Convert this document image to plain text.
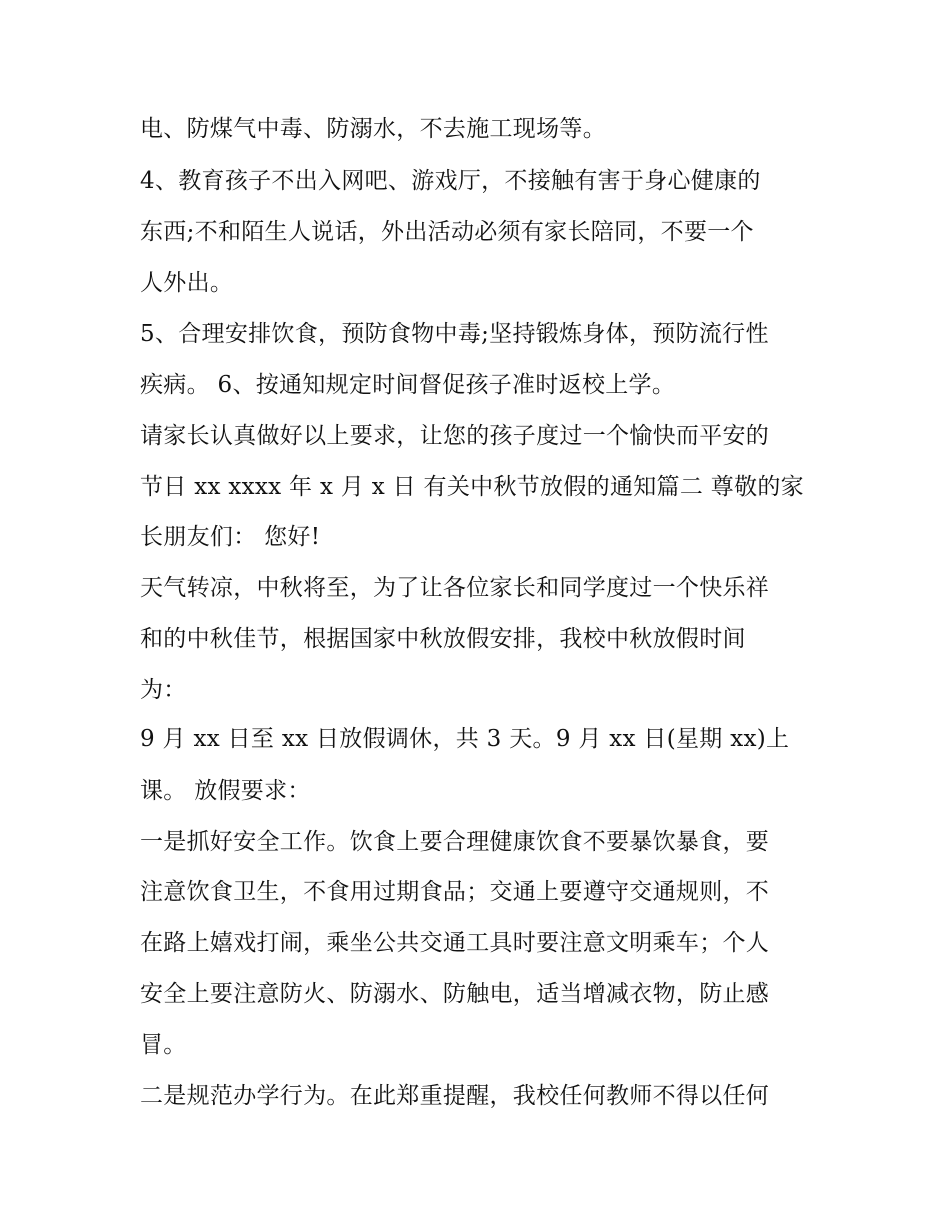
电、防煤气中毒、防溺水，不去施工现场等。
4、教育孩子不出入网吧、游戏厅，不接触有害于身心健康的
东西;不和陌生人说话，外出活动必须有家长陪同，不要一个
人外出。
5、合理安排饮食，预防食物中毒;坚持锻炼身体，预防流行性
疾病。 6、按通知规定时间督促孩子准时返校上学。
请家长认真做好以上要求，让您的孩子度过一个愉快而平安的
节日 xx xxxx 年 x 月 x 日 有关中秋节放假的通知篇二 尊敬的家
长朋友们： 您好!
天气转凉，中秋将至，为了让各位家长和同学度过一个快乐祥
和的中秋佳节，根据国家中秋放假安排，我校中秋放假时间
为：
9 月 xx 日至 xx 日放假调休，共 3 天。9 月 xx 日(星期 xx)上
课。 放假要求：
一是抓好安全工作。饮食上要合理健康饮食不要暴饮暴食，要
注意饮食卫生，不食用过期食品；交通上要遵守交通规则，不
在路上嬉戏打闹，乘坐公共交通工具时要注意文明乘车；个人
安全上要注意防火、防溺水、防触电，适当增减衣物，防止感
冒。
二是规范办学行为。在此郑重提醒，我校任何教师不得以任何
